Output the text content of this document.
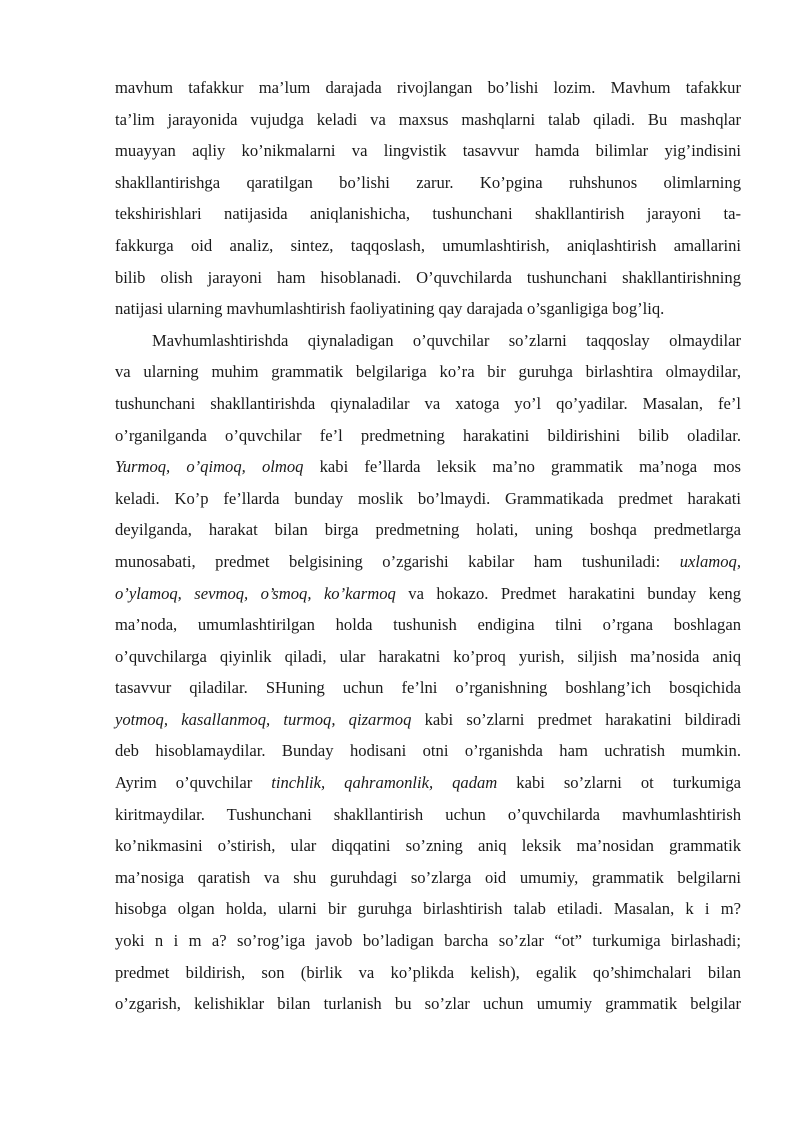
mavhum tafakkur ma’lum darajada rivojlangan bo’lishi lozim. Mavhum tafakkur
ta’lim jarayonida vujudga keladi va maxsus mashqlarni talab qiladi. Bu mashqlar
muayyan aqliy ko’nikmalarni va lingvistik tasavvur hamda bilimlar yig’indisini
shakllantirishga qaratilgan bo’lishi zarur. Ko’pgina ruhshunos olimlarning
tekshirishlari natijasida aniqlanishicha, tushunchani shakllantirish jarayoni ta-
fakkurga oid analiz, sintez, taqqoslash, umumlashtirish, aniqlashtirish amallarini
bilib olish jarayoni ham hisoblanadi. O’quvchilarda tushunchani shakllantirishning
natijasi ularning mavhumlashtirish faoliyatining qay darajada o’sganligiga bog’liq.

Mavhumlashtirishda qiynaladigan o’quvchilar so’zlarni taqqoslay olmaydilar
va ularning muhim grammatik belgilariga ko’ra bir guruhga birlashtira olmaydilar,
tushunchani shakllantirishda qiynaladilar va xatoga yo’l qo’yadilar. Masalan, fe’l
o’rganilganda o’quvchilar fe’l predmetning harakatini bildirishini bilib oladilar.
Yurmoq, o’qimoq, olmoq kabi fe’llarda leksik ma’no grammatik ma’noga mos
keladi. Ko’p fe’llarda bunday moslik bo’lmaydi. Grammatikada predmet harakati
deyilganda, harakat bilan birga predmetning holati, uning boshqa predmetlarga
munosabati, predmet belgisining o’zgarishi kabilar ham tushuniladi: uxlamoq,
o’ylamoq, sevmoq, o’smoq, ko’karmoq va hokazo. Predmet harakatini bunday keng
ma’noda, umumlashtirilgan holda tushunish endigina tilni o’rgana boshlagan
o’quvchilarga qiyinlik qiladi, ular harakatni ko’proq yurish, siljish ma’nosida aniq
tasavvur qiladilar. SHuning uchun fe’lni o’rganishning boshlang’ich bosqichida
yotmoq, kasallanmoq, turmoq, qizarmoq kabi so’zlarni predmet harakatini bildiradi
deb hisoblamaydilar. Bunday hodisani otni o’rganishda ham uchratish mumkin.
Ayrim o’quvchilar tinchlik, qahramonlik, qadam kabi so’zlarni ot turkumiga
kiritmaydilar. Tushunchani shakllantirish uchun o’quvchilarda mavhumlashtirish
ko’nikmasini o’stirish, ular diqqatini so’zning aniq leksik ma’nosidan grammatik
ma’nosiga qaratish va shu guruhdagi so’zlarga oid umumiy, grammatik belgilarni
hisobga olgan holda, ularni bir guruhga birlashtirish talab etiladi. Masalan, k i m?
yoki n i m a? so’rog’iga javob bo’ladigan barcha so’zlar “ot” turkumiga birlashadi;
predmet bildirish, son (birlik va ko’plikda kelish), egalik qo’shimchalari bilan
o’zgarish, kelishiklar bilan turlanish bu so’zlar uchun umumiy grammatik belgilar
